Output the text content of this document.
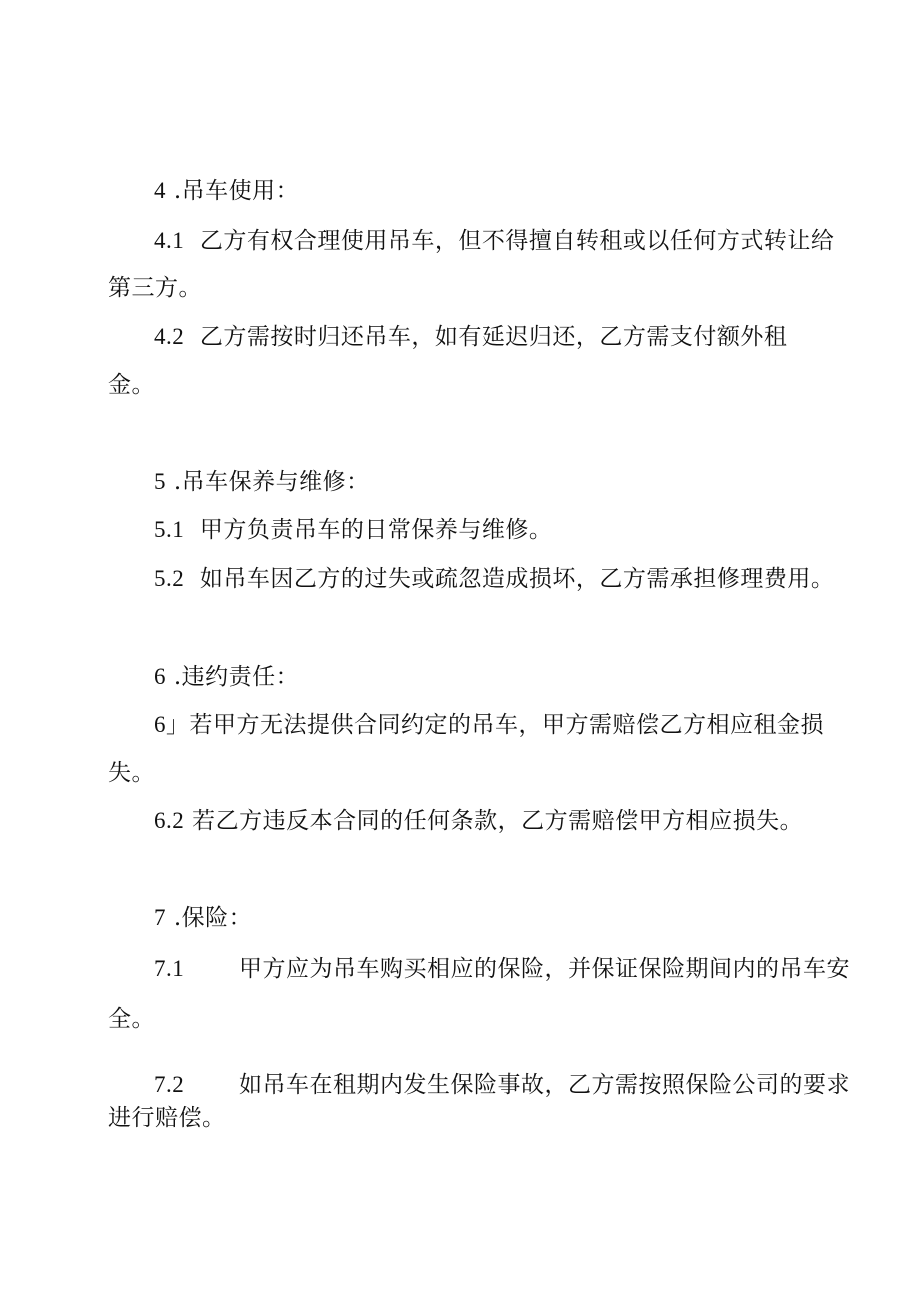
4 .吊车使用：
4.1 乙方有权合理使用吊车，但不得擅自转租或以任何方式转让给
第三方。
4.2 乙方需按时归还吊车，如有延迟归还，乙方需支付额外租
金。
5 .吊车保养与维修：
5.1 甲方负责吊车的日常保养与维修。
5.2 如吊车因乙方的过失或疏忽造成损坏，乙方需承担修理费用。
6 .违约责任：
6」若甲方无法提供合同约定的吊车，甲方需赔偿乙方相应租金损
失。
6.2 若乙方违反本合同的任何条款，乙方需赔偿甲方相应损失。
7 .保险：
7.1 甲方应为吊车购买相应的保险，并保证保险期间内的吊车安
全。
7.2 如吊车在租期内发生保险事故，乙方需按照保险公司的要求
进行赔偿。
